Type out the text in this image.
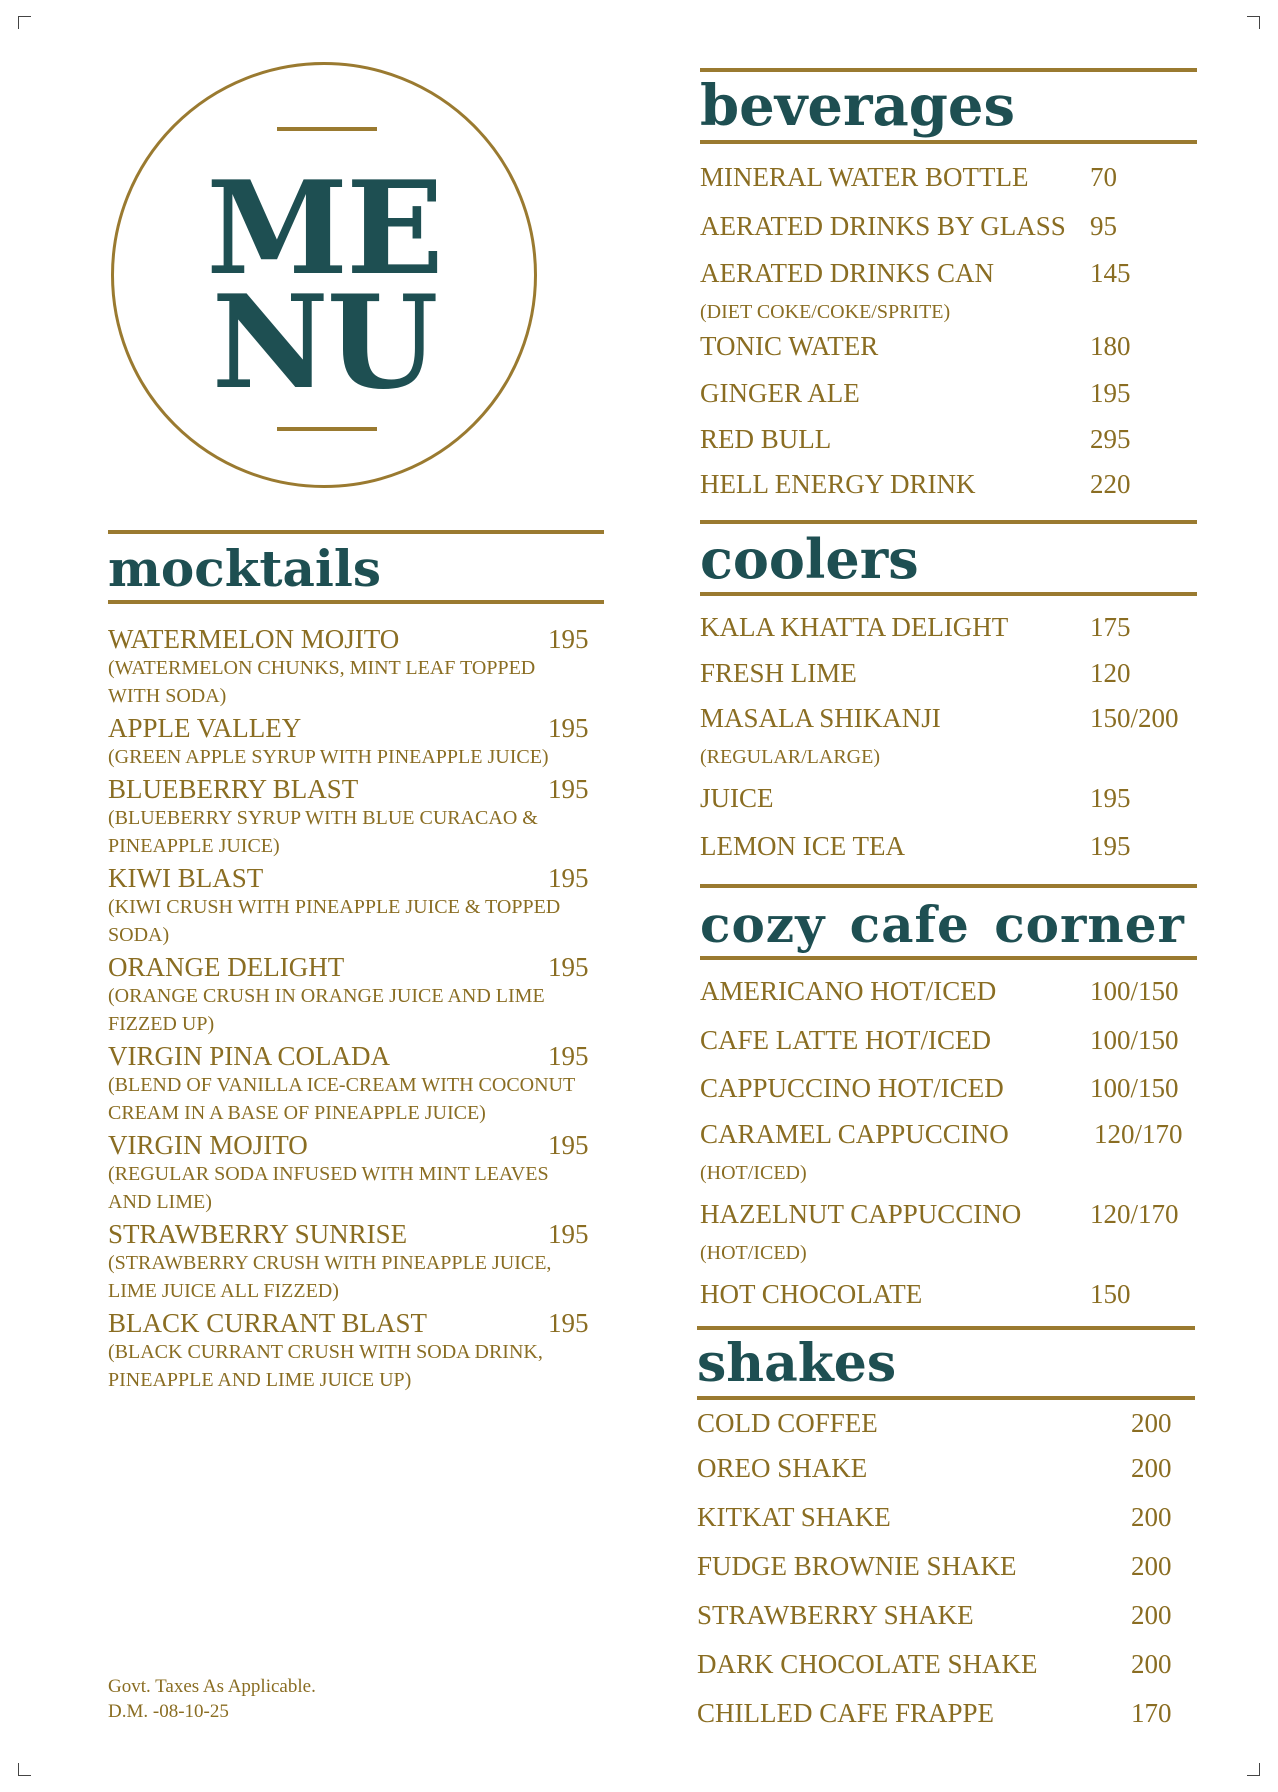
ME
NU
mocktails
WATERMELON MOJITO	195
(WATERMELON CHUNKS, MINT LEAF TOPPED
WITH SODA)
APPLE VALLEY	195
(GREEN APPLE SYRUP WITH PINEAPPLE JUICE)
BLUEBERRY BLAST	195
(BLUEBERRY SYRUP WITH BLUE CURACAO &
PINEAPPLE JUICE)
KIWI BLAST	195
(KIWI CRUSH WITH PINEAPPLE JUICE & TOPPED
SODA)
ORANGE DELIGHT	195
(ORANGE CRUSH IN ORANGE JUICE AND LIME
FIZZED UP)
VIRGIN PINA COLADA	195
(BLEND OF VANILLA ICE-CREAM WITH COCONUT
CREAM IN A BASE OF PINEAPPLE JUICE)
VIRGIN MOJITO	195
(REGULAR SODA INFUSED WITH MINT LEAVES
AND LIME)
STRAWBERRY SUNRISE	195
(STRAWBERRY CRUSH WITH PINEAPPLE JUICE,
LIME JUICE ALL FIZZED)
BLACK CURRANT BLAST	195
(BLACK CURRANT CRUSH WITH SODA DRINK,
PINEAPPLE AND LIME JUICE UP)
beverages
MINERAL WATER BOTTLE 70
AERATED DRINKS BY GLASS 95
AERATED DRINKS CAN	145
(DIET COKE/COKE/SPRITE)
TONIC WATER	180
GINGER ALE	195
RED BULL	295
HELL ENERGY DRINK	220
coolers
KALA KHATTA DELIGHT	175
FRESH LIME	120
MASALA SHIKANJI	150/200
(REGULAR/LARGE)
JUICE	195
LEMON ICE TEA	195
cozy cafe corner
AMERICANO HOT/ICED	100/150
CAFE LATTE HOT/ICED	100/150
CAPPUCCINO HOT/ICED	100/150
CARAMEL CAPPUCCINO	120/170
(HOT/ICED)
HAZELNUT CAPPUCCINO	120/170
(HOT/ICED)
HOT CHOCOLATE	150
shakes
COLD COFFEE	200
OREO SHAKE	200
KITKAT SHAKE	200
FUDGE BROWNIE SHAKE	200
STRAWBERRY SHAKE	200
DARK CHOCOLATE SHAKE	200
CHILLED CAFE FRAPPE	170
Govt. Taxes As Applicable.
D.M. -08-10-25
